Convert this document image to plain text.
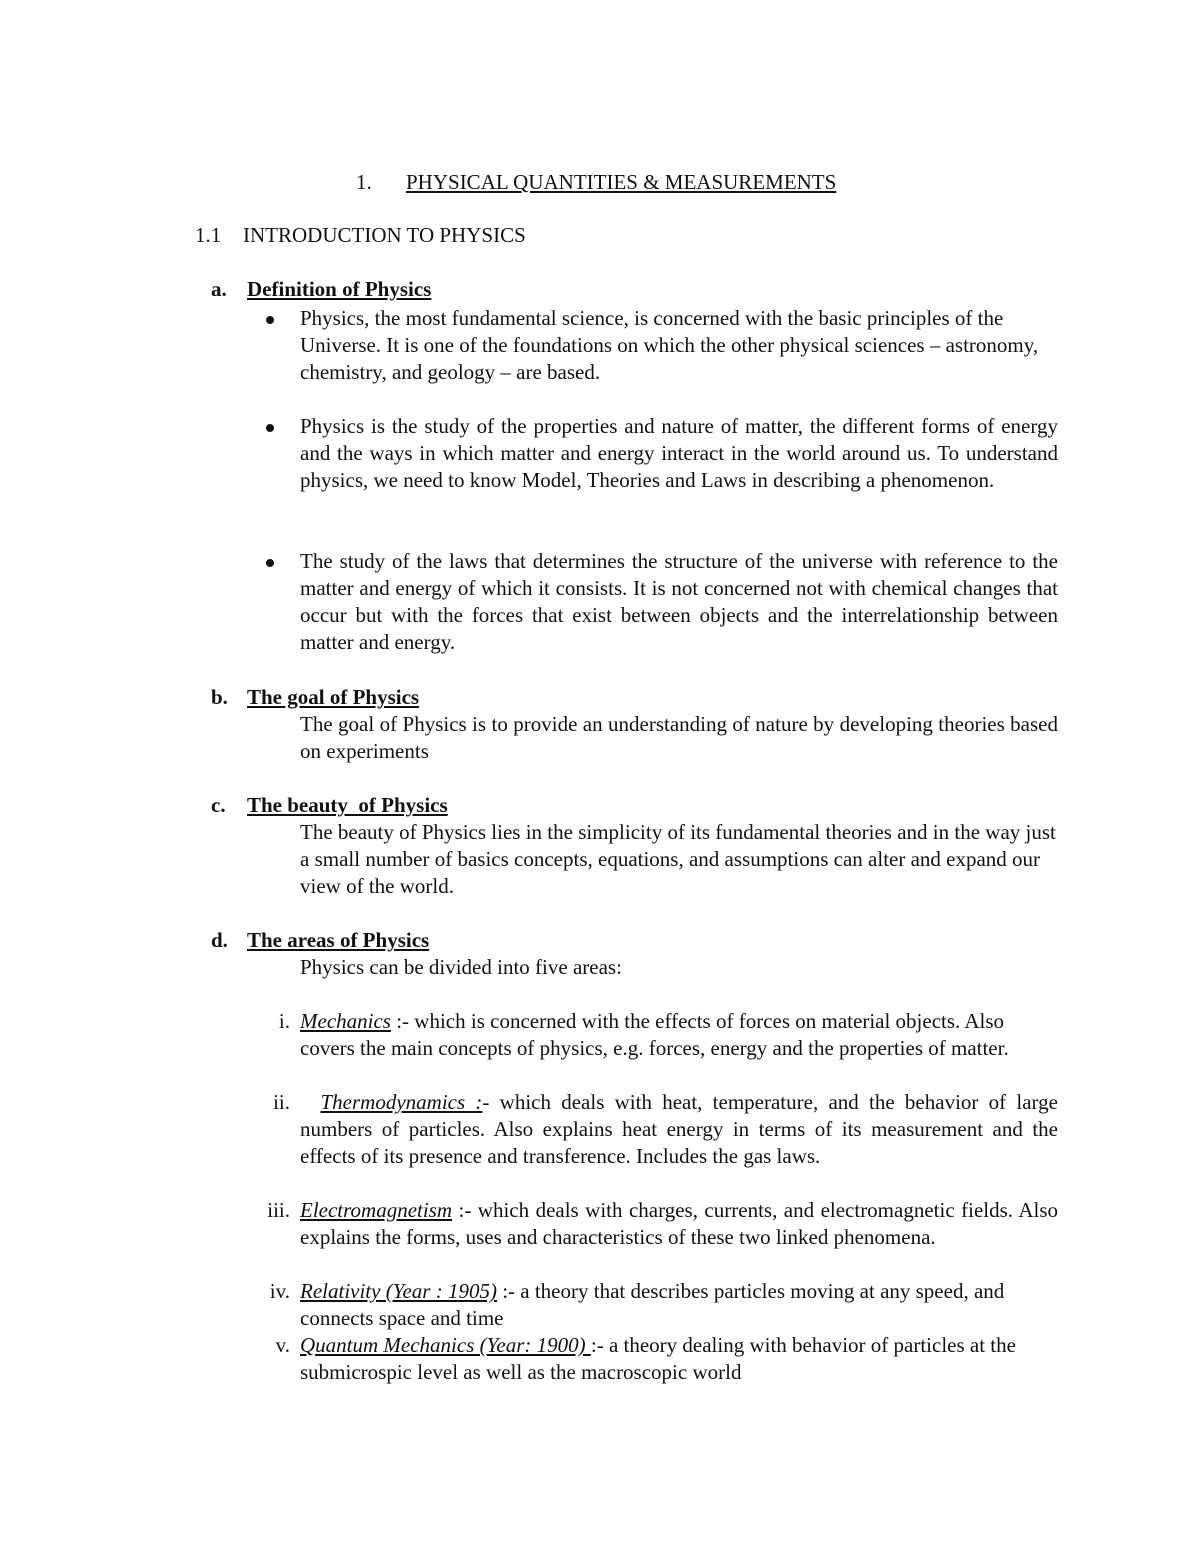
1. PHYSICAL QUANTITIES & MEASUREMENTS
1.1 INTRODUCTION TO PHYSICS
a. Definition of Physics
Physics, the most fundamental science, is concerned with the basic principles of the Universe. It is one of the foundations on which the other physical sciences – astronomy, chemistry, and geology – are based.
Physics is the study of the properties and nature of matter, the different forms of energy and the ways in which matter and energy interact in the world around us. To understand physics, we need to know Model, Theories and Laws in describing a phenomenon.
The study of the laws that determines the structure of the universe with reference to the matter and energy of which it consists. It is not concerned not with chemical changes that occur but with the forces that exist between objects and the interrelationship between matter and energy.
b. The goal of Physics
The goal of Physics is to provide an understanding of nature by developing theories based on experiments
c. The beauty  of Physics
The beauty of Physics lies in the simplicity of its fundamental theories and in the way just a small number of basics concepts, equations, and assumptions can alter and expand our view of the world.
d. The areas of Physics
Physics can be divided into five areas:
i. Mechanics :- which is concerned with the effects of forces on material objects. Also covers the main concepts of physics, e.g. forces, energy and the properties of matter.
ii.	Thermodynamics :- which deals with heat, temperature, and the behavior of large numbers of particles. Also explains heat energy in terms of its measurement and the effects of its presence and transference. Includes the gas laws.
iii. Electromagnetism :- which deals with charges, currents, and electromagnetic fields. Also explains the forms, uses and characteristics of these two linked phenomena.
iv. Relativity (Year : 1905) :- a theory that describes particles moving at any speed, and connects space and time
v. Quantum Mechanics (Year: 1900) :- a theory dealing with behavior of particles at the submicrospic level as well as the macroscopic world
